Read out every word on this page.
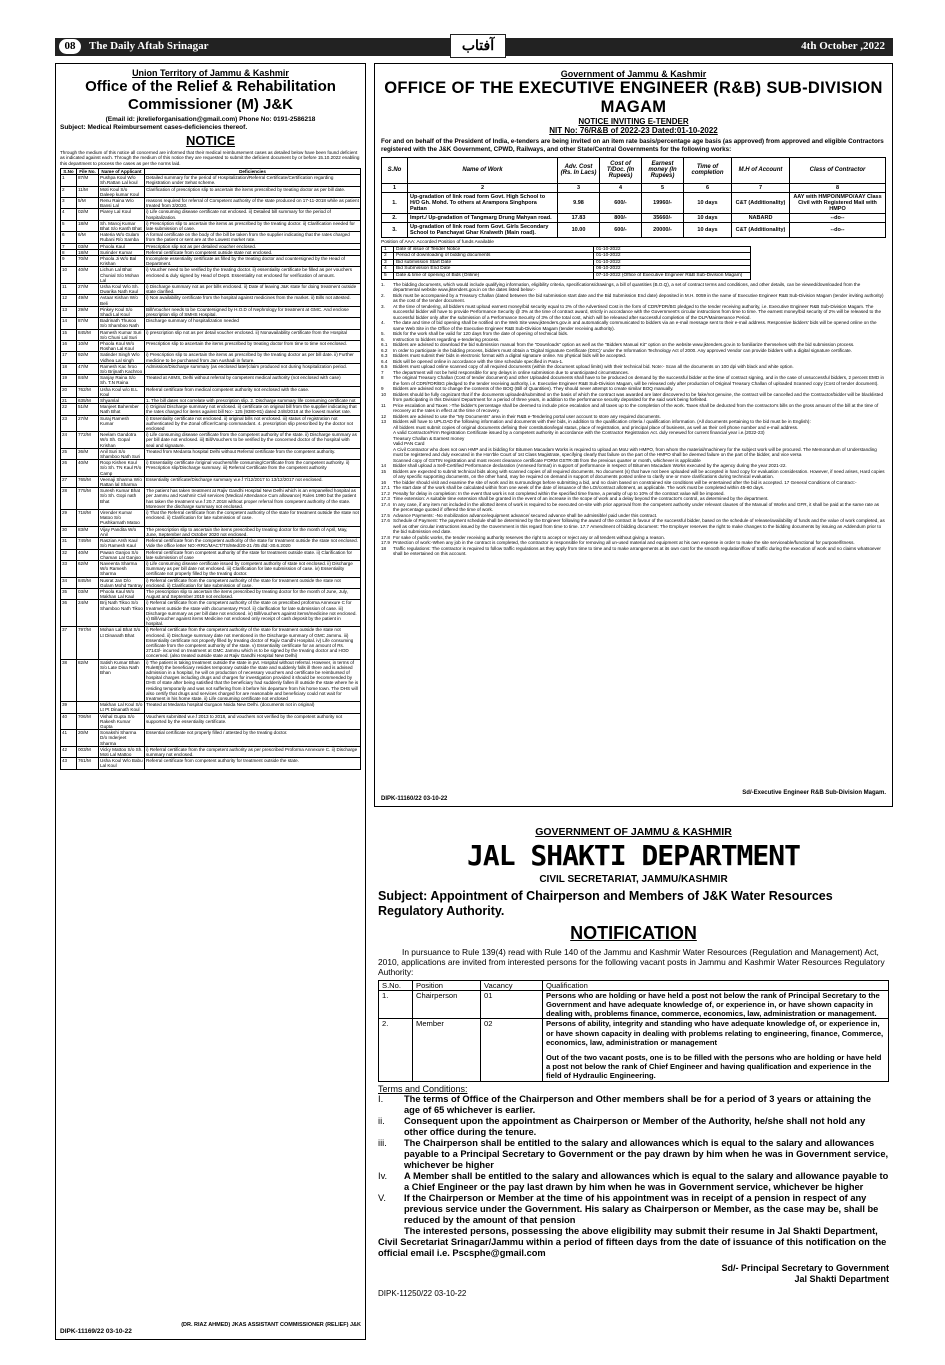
08	The Daily Aftab Srinagar	آفتاب	4th October ,2022
Union Territory of Jammu & Kashmir
Office of the Relief & Rehabilitation Commissioner (M) J&K
(Email id: jkrelieforganisation@gmail.com) Phone No: 0191-2586218
Subject: Medical Reimbursement cases-deficiencies thereof.
NOTICE
Through the medium of this notice all concerned are informed that their medical reimbursement cases as detailed below have been found deficient as indicated against each. Through the medium of this notice they are requested to submit the deficient document by or before 15.10.2022 enabling this department to process the cases as per the norms laid.
S.No	File No.	Name of Applicant	Deficiencies
1	87/M	Pushpa Koul W/o Sh.Rattan Lal koul	Detailed summary for the period of Hospitalization/Referral Certificate/Certification regarding Registration under Sehat scheme.
2	11/M	Moti Koul S/o Daleep kumar Koul	Clarification of prescription slip to ascertain the items prescribed by treating doctor as per bill date.
3	5/M	Renu Raina W/o Bansi Lal	reasons required for referral of Competent authority of the state produced on 17-11-2018 while as patient treated from 3/2020.
4	02/M	Piarey Lal Koul	i) Life consuming disease certificate not enclosed. ii) Detailed bill summary for the period of hospitalization.
5	18/M	Sh. Manoj Kumar Bhat S/o Kanth Bhat	i) Prescription slip to ascertain the items as prescribed by the treating doctor. ii) Clarification needed for late submission of case.
6	6/M	Hateria W/o Gulam Rubani R/o Samba	A formal certificate on the body of the bill be taken from the supplier indicating that the rates charged from the patient or sent are at the Lowest market rate.
7	03/M	Phoola Kaul	Prescription slip not as per detailed voucher enclosed.
8	18/M	Surinder Kumar	Referral certificate from competent outside state not enclosed.
9	70/M	Phoola Ji W/o Bal Krishan	Incomplete essentiality certificate as filled by the treating doctor and countersigned by the Head of Department.
10	40/M	Lichun Lal Bhat Chunial S/o Mohan Lal	i) Voucher need to be verified by the treating doctor. ii) essentiality certificate be filled as per vouchers enclosed & duly signed by Head of Deptt. Essentiality not enclosed for verification of amount.
11	27/M	Usha Koul W/o Sh. Dwarika Nath Kaul	i) Discharge summary not as per bills enclosed. ii) Date of leaving J&K state for doing treatment outside state clarified.
12	49/M	Avtaar Kishan W/o Beli	i) Non availability certificate from the hospital against medicines from the market. ii) Bills not attested.
13	29/M	Pinkey Koul S/o Shadi Lal Koul	Bill/Voucher needs to be Countersigned by H.O.D of Nephrology for treatment at GMC. And enclose prescription slip of SMHS Hospital.
14	87/M	Badrinath Thusoo S/o Shamboo Nath	Discharge summary of hospitalization needed
15	845/M	Ramesh Kumar Suri S/o Chuni Lal Suri	i) prescription slip not as per detail voucher enclosed. ii) Nonavailability certificate from the Hospital
16	10/M	Phoola Koul W/o Roshan Lal Koul	Prescription slip to ascertain the items prescribed by treating doctor from time to time not enclosed.
17	92/M	Satinder Singh W/o Vidhea Lal singh	i) Prescription slip to ascertain the items as prescribed by the treating doctor as per bill date. ii) Further medicine to be purchased from Jan Aushadi in future.
18	47/M	Ramesh Kac hroo S/o Brijnath Kachroo	Admission/Discharge summary (as enclosed later)claim produced not during hospitalization period.
19	84/M	Sanjay Raina S/o Sh. T.N Raina	Treated at AIIMS, Delhi without referral by competent medical authority (not enclosed with case)
20	762/M	Usha Koul w/o B.L Koul	Referral certificate from medical competent authority not enclosed with the case.
21	635/M	Shyamlal	1. The bill dates not correlate with prescription slip. 2. Discharge summary life consuming certificate not
22	51/M	Manjeet Bahember Nath Bhat	i) Original Discharge summary not enclosed. ii) certificate on original bill from the supplier indicating that the rates charged for items against bill No:- 125 (9380-81) dated 24/8/2018 at the lowest market rate.
23	27/M	Suraj Ramesh Kumar	i) Essentiality certificate not enclosed. ii) original bills not enclosed. iii) status of registration not authenticated by the Zonal officer/Camp commandant. 4. prescription slip prescribed by the doctor not enclosed
24	772/M	Neelam Gandotra W/o Sh. Gopal Krishan	i) Life consuming disease certificate from the competent authority of the state. ii) Discharge summary as per bill date not enclosed. iii) Bill/Vouchers to be verified by the concerned doctor of the hospital with seal and signature.
25	36/M	Anil Suri S/o Shamboo Nath Suri	Treated from Medanta hospital Delhi without Referral certificate from the competent authority.
26	40/M	Roop Kishen Koul S/o Sh. TN Kaul R/o Camp	i) Essentiality certificate /original vouchers/life consuming/Certificate from the competent authority. ii) Prescription slip/Discharge summary. iii) Referral Certificate from the competent authority
27	765/M	Veenaji Sharma W/o Rattan lal Sharma	Essentiality certificate/Discharge summary w.e.f 7/12/2017 to 13/12/2017 not enclosed.
28	775/M	Suresh Kumar Bhat S/o Sh. Gopi nath Bhat	The patient has taken treatment at Rajiv Gandhi Hospital New Delhi which is an empanelled hospital as per Jammu and Kashmir Civil services (Medical Attendance Cum allowance) Rules 1990 but the patient has taken the treatment w.e.f 20.7.2018 without proper referral from competent authority of the state. Moreover the discharge summary not enclosed.
29	718/M	Virender Kumar Matoo S/o Pushkarnath Matoo	i) That the Referral certificate from the competent authority of the state for treatment outside the state not enclosed. ii) Clarification for late submission of case.
30	83/M	Vijay Pandita W/o Anil	The prescription slip to ascertain the items prescribed by treating doctor for the month of April, May, June, September and October 2020 not enclosed.
31	749/M	Raszian Arsh Kaul S/o Ramesh Kaul	Referral certificate from the competent authority of the state for treatment outside the state not enclosed. Vide the office letter NO:-RRC/MACT/TS/Med/20-21 /05 dtd:-30.6.2020
32	40/M	Pawan Ganjoo S/o Chaman Lal Ganjoo	Referral certificate from competent authority of the state for treatment outside state. ii) Clarification for late submission of case
33	62/M	Naveenta Sharma W/o Ramesh Sharma	i) Life consuming disease certificate issued by competent authority of state not enclosed. ii) Discharge Summary as per bill date not enclosed. iii) Clarification for late submission of case. iv) Essentiality certificate not properly filled by the treating doctor.
34	845/M	Nusrat Jan D/o Gulam Mohd Tantray	i) Referral certificate from the competent authority of the state for treatment outside the state not enclosed. ii) Clarification for late submission of case.
35	03/M	Phoola Kaul W/o Makhan Lal Kaul	The prescription slip to ascertain the items prescribed by treating doctor for the month of June, July, August and September 2019 not enclosed.
36	24/M	Brij Nath Tikoo S/o Shamboo Nath Tikoo	i) Referral certificate from the competent authority of the state on prescribed proforma Annexure C for treatment outside the state with documentary Proof. ii) clarification for late submission of case. iii) Discharge summary as per bill date not enclosed. iv) Bill/vouchers against items/medicine not enclosed. v) Bill/voucher against items Medicine not enclosed only receipt of cash deposit by the patient in hospital.
37	797/M	Mohan Lal Bhat S/o Lt Dinanath Bhat	i) Referral certificate from the competent authority of the state for treatment outside the state not enclosed. ii) Discharge summary date not mentioned in the Discharge summary of GMC Jammu. iii) Essentiality certificate not properly filled by treating doctor of Rajiv Gandhi Hospital. iv) Life consuming certificate from the competent authority of the state. v) Essentiality certificate for an amount of Rs. 27143/- incurred on treatment at GMC Jammu which is to be signed by the treating doctor and HOD concerned. (also treated outside state at Rajiv Gandhi Hospital New Delhi)
38	82/M	Satish Kumar Bhan S/o Late Dina Nath Bhan	i) The patient is taking treatment outside the state in pvt. Hospital without referral. However, in terms of Rule8(5) the beneficiary resides temporary outside the state and suddenly falls ill there and is advised admission in a hospital, he will on production of necessary vouchers and certificate be reimbursed of hospital charges including drugs and charges for investigation provided it should be recommended by DHS of state after being satisfied that the beneficiary had suddenly fallen ill outside the state where he is residing temporarily and was not suffering from it before his departure from his home town. The DHS will also certify that drugs and services charged for are reasonable and beneficiary could not wait for treatment in his home state. ii) Life consuming certificate not enclosed
39		Makhan Lal Koul S/o Lt Pt Dinanath Koul	Treated at Medanta hospital Gurgaon Noida New Delhi. (documents not in original)
40	706/M	Vishal Gupta S/o Rakesh Kumar Gupta	Vouchers submitted w.e.f 2013 to 2018, and vouchers not verified by the competent authority not supported by the essentiality certificate.
41	20/M	Sonakshi Sharma D/o Inderjeet Sharma	Essential certificate not properly filled / attested by the treating doctor.
42	003/M	Vicky Mattoo S/o Sh. Moti Lal Mattoo	i) Referral certificate from the competent authority as per prescribed Proforma Annexure C. ii) Discharge summary not enclosed.
43	761/M	Usha Koul W/o Babu Lal Koul	Referral certificate from competent authority for treatment outside the state.
(DR. RIAZ AHMED) JKAS ASSISTANT COMMISSIONER (RELIEF) J&K
DIPK-11169/22 03-10-22
Government of Jammu & Kashmir
OFFICE OF THE EXECUTIVE ENGINEER (R&B) SUB-DIVISION MAGAM
NOTICE INVITING E-TENDER
NIT No: 76/R&B of 2022-23 Dated:01-10-2022
For and on behalf of the President of India, e-tenders are being invited on an item rate basis/percentage age basis (as approved) from approved and eligible Contractors registered with the J&K Government, CPWD, Railways, and other State/Central Governments for the following works:
S.No	Name of Work	Adv. Cost (Rs. In Lacs)	Cost of T/Doc. (In Rupees)	Earnest money (In Rupees)	Time of completion	M.H of Account	Class of Contractor
1	2	3	4	5	6	7	8
1.	Up-gradation of link road form Govt. High School to H/O Gh. Mohd. To others at Arampora Singhpora Pattan	9.98	600/-	19960/-	10 days	C&T (Additionality)	AAY with HMPO/NMPO/AAY Class Civil with Registered Mail with HMPO
2.	Imprt./ Up-gradation of Tangmarg Drung Mahyan road.	17.83	800/-	35660/-	10 days	NABARD	--do--
3.	Up-gradation of link road form Govt. Girls Secondary School to Panchayat Ghar Kralweth (Main road).	10.00	600/-	20000/-	10 days	C&T (Additionality)	--do--
Position of AAA: Accorded Position of funds Available
1	Date of issue of Tender Notice	01-10-2022
2	Period of downloading of bidding documents	01-10-2022
3	Bid submission Start Date	01-10-2022
4	Bid Submission End Date	06-10-2022
5	Date & time of opening of Bids (Online)	07-10-2022 (Office of Executive Engineer R&B Sub-Division Magam)
1.	The bidding documents, which would include qualifying information, eligibility criteria, specifications/drawings, a bill of quantities (B.O.Q), a set of contract terms and conditions, and other details, can be viewed/downloaded from the departmental website www.jktenders.gov.in on the dates listed below:-
2.	Bids must be accompanied by a Treasury Challan (dated between the bid submission start date and the Bid Submission End date) deposited in M.H. 0059 in the name of Executive Engineer R&B Sub-Division Magam (tender inviting authority) as the cost of the tender document.
3.	At the time of tendering, all bidders must upload earnest money/bid security equal to 2% of the Advertised Cost in the form of CDR/FDR/BG pledged to the tender receiving authority, i.e. Executive Engineer R&B Sub-Division Magam. The successful bidder will have to provide Performance Security @ 3% at the time of contract award, strictly in accordance with the Government's circular instructions from time to time. The earnest money/bid security of 2% will be released to the successful bidder only after the submission of a Performance Security of 3% of the total cost, which will be released after successful completion of the DLP/Maintenance Period.
4.	The date and time of bid opening shall be notified on the Web Site www.jktenders.gov.in and automatically communicated to bidders via an e-mail message sent to their e-mail address. Responsive bidders' bids will be opened online on the same Web Site in the Office of the Executive Engineer R&B Sub-Division Magam (tender receiving authority).
5.	Bids for the work shall be valid for 120 days from the date of opening of technical bids.
6.	Instruction to bidders regarding e-tendering process.
6.1	Bidders are advised to download the bid submission manual from the "Downloads" option as well as the "Bidders Manual Kit" option on the website www.jktenders.gov.in to familiarize themselves with the bid submission process.
6.2	In order to participate in the bidding process, bidders must obtain a 'Digital Signature Certificate (DSC)' under the Information Technology Act of 2000. Any approved Vendor can provide bidders with a digital signature certificate.
6.3	Bidders must submit their bids in electronic format with a digital signature online. No physical bids will be accepted.
6.4	Bids will be opened online in accordance with the time schedule specified in Para-1.
6.5	Bidders must upload online scanned copy of all required documents (within the document upload limits) with their technical bid. Note:- Scan all the documents on 100 dpi with black and white option.
7	The department will not be held responsible for any delays in online submission due to unanticipated circumstances.
8	The original Treasury Challan (Cost of tender document) and other Uploaded documents shall have to be produced on demand by the successful bidder at the time of contract signing, and in the case of unsuccessful bidders, 2 percent EMD in the form of CDR/FDR/BG pledged to the tender receiving authority, i.e. Executive Engineer R&B Sub-Division Magam, will be released only after production of Original Treasury Challan of uploaded Scanned copy (Cost of tender document).
9	Bidders are advised not to change the contents of the BOQ (Bill of Quantities). They should never attempt to create similar BOQ manually.
10	Bidders should be fully cognizant that if the documents uploaded/submitted on the basis of which the contract was awarded are later discovered to be fake/not genuine, the contract will be cancelled and the Contractor/bidder will be blacklisted from participating in this Division/ Department for a period of three years, in addition to the performance security deposited for the said work being forfeited.
11	Price escalation and Taxes :-The bidder's percentage shall be deemed to include price escalation and all taxes up to the completion of the work. Taxes shall be deducted from the contractor's bills on the gross amount of the bill at the time of recovery at the rates in effect at the time of recovery.
12	Bidders are advised to use the "My Documents" area in their R&B e-Tendering portal user account to store any required documents.
13	Bidders will have to UPLOAD the following information and documents with their bids, in addition to the qualification criteria / qualification information. (All documents pertaining to the bid must be in English):
All bidders must submit copies of original documents defining their constitution/legal status, place of registration, and principal place of business, as well as their cell phone number and e-mail address.
A valid Contractor/Firm Registration Certificate issued by a competent authority in accordance with the Contractor Registration Act. duly renewed for current financial year i.e.(2022-23)
Treasury Challan & Earnest money
Valid PAN Card
A Civil Contractor who does not own HMP and is bidding for Bitumen Macadam Works is required to upload an MoU with HMPO, from whom the material/machinery for the subject work will be procured. The Memorandum of Understanding must be registered and duly executed in the Hon'ble Court of 1st Class Magistrate, specifying clearly that failure on the part of the HMPO shall be deemed failure on the part of the bidder, and vice versa
Scanned copy of GSTIN registration and most recent clearance certificate FORM GSTR-3B from the previous quarter or month, whichever is applicable
14	Bidder shall upload a Self-Certified Performance declaration (Annexed format) in support of performance in respect of Bitumen Macadam Works executed by the agency during the year 2021-22.
15	Bidders are expected to submit technical bids along with scanned copies of all required documents. No document (s) that have not been uploaded will be accepted in hard copy for evaluation consideration. However, if need arises, Hard copies of any specific supporting documents, on the other hand, may be required on demand in support of documents posted online to clarify one or more clarifications during technical evaluation.
16	The bidder should visit and examine the site of work and its surroundings before submitting a bid, and no claim based on constrained site conditions will be entertained after the bid is accepted. 17 General Conditions of Contract:-
17.1 The start date of the work shall be calculated within from one week of the date of issuance of the LOI/contract allotment, as applicable. The work must be completed within 45-60 days.
17.2 Penalty for delay in completion: In the event that work is not completed within the specified time frame, a penalty of up to 10% of the contract value will be imposed.
17.3 Time extension: A suitable time extension shall be granted in the event of an increase in the scope of work and a delay beyond the contractor's control, as determined by the department.
17.4 In any case, if any item not included in the allotted items of work is required to be executed on-site with prior approval from the competent authority under relevant clauses of the Manual of Works and GFR, it shall be paid at the same rate as the percentage quoted if offered the time of work.
17.5 Advance Payments: -No mobilization advance/equipment advance/ secured advance shall be admissible/ paid under this contract.
17.6 Schedule of Payment: The payment schedule shall be determined by the Engineer following the award of the contract in favour of the successful bidder, based on the schedule of release/availability of funds and the value of work completed, as well as other circular instructions issued by the Government in this regard from time to time. 17.7 Amendment of bidding document: The Employer reserves the right to make changes to the bidding documents by issuing an Addendum prior to the bid submission end date.
17.8 For sake of public works, the tender receiving authority reserves the right to accept or reject any or all tenders without giving a reason.
17.9 Protection of work:-When any job in the contract is completed, the contractor is responsible for removing all un-used material and equipment at his own expense in order to make the site serviceable/functional for purpose/fitness.
18	Traffic regulations: The contractor is required to follow traffic regulations as they apply from time to time and to make arrangements at its own cost for the smooth regulation/flow of traffic during the execution of work and no claims whatsoever shall be entertained on this account.
Sd/-Executive Engineer R&B Sub-Division Magam.
DIPK-11160/22 03-10-22
GOVERNMENT OF JAMMU & KASHMIR
JAL SHAKTI DEPARTMENT
CIVIL SECRETARIAT, JAMMU/KASHMIR
Subject: Appointment of Chairperson and Members of J&K Water Resources Regulatory Authority.
NOTIFICATION
In pursuance to Rule 139(4) read with Rule 140 of the Jammu and Kashmir Water Resources (Regulation and Management) Act, 2010, applications are invited from interested persons for the following vacant posts in Jammu and Kashmir Water Resources Regulatory Authority:
S.No.	Position	Vacancy	Qualification
1.	Chairperson	01	Persons who are holding or have held a post not below the rank of Principal Secretary to the Government and have adequate knowledge of, or experience in, or have shown capacity in dealing with, problems finance, commerce, economics, law, administration or management.
2.	Member	02	Persons of ability, integrity and standing who have adequate knowledge of, or experience in, or have shown capacity in dealing with problems relating to engineering, finance, Commerce, economics, law, administration or management
Out of the two vacant posts, one is to be filled with the persons who are holding or have held a post not below the rank of Chief Engineer and having qualification and experience in the field of Hydraulic Engineering.
Terms and Conditions:
I.	The terms of Office of the Chairperson and Other members shall be for a period of 3 years or attaining the age of 65 whichever is earlier.
ii.	Consequent upon the appointment as Chairperson or Member of the Authority, he/she shall not hold any other office during the tenure.
iii.	The Chairperson shall be entitled to the salary and allowances which is equal to the salary and allowances payable to a Principal Secretary to Government or the pay drawn by him when he was in Government service, whichever be higher
Iv.	A Member shall be entitled to the salary and allowances which is equal to the salary and allowance payable to a Chief Engineer or the pay last drawn by him when he was in Government service, whichever be higher
V.	If the Chairperson or Member at the time of his appointment was in receipt of a pension in respect of any previous service under the Government. His salary as Chairperson or Member, as the case may be, shall be reduced by the amount of that pension
The interested persons, possessing the above eligibility may submit their resume in Jal Shakti Department, Civil Secretariat Srinagar/Jammu within a period of fifteen days from the date of issuance of this notification on the official email i.e. Pscsphe@gmail.com
Sd/- Principal Secretary to Government
Jal Shakti Department
DIPK-11250/22 03-10-22
